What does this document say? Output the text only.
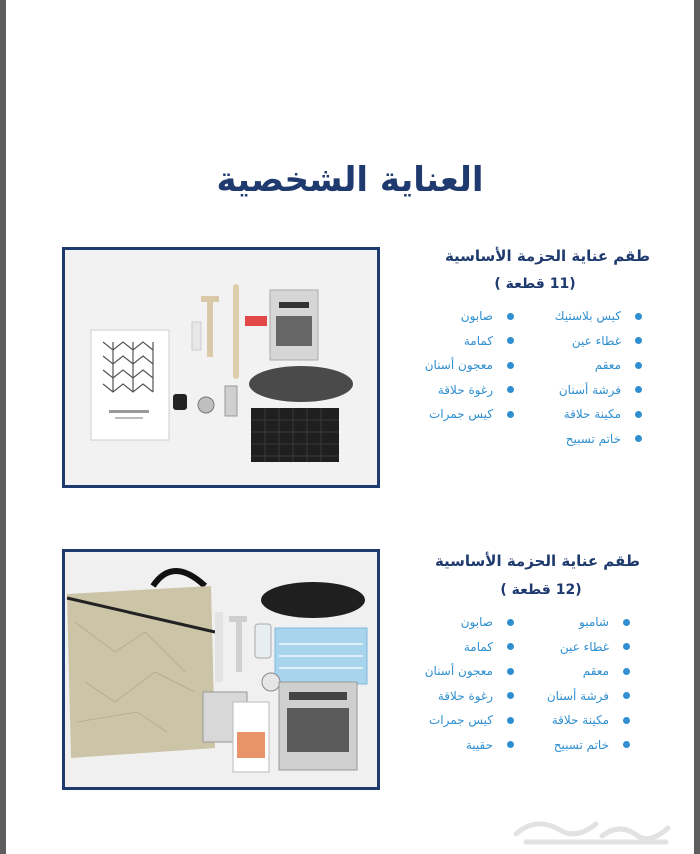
العناية الشخصية
طقم عناية الحزمة الأساسية
(11 قطعة )
كيس بلاستيك
غطاء عين
معقم
فرشة أسنان
مكينة حلاقة
خاتم تسبيح
صابون
كمامة
معجون أسنان
رغوة حلاقة
كيس جمرات
طقم عناية الحزمة الأساسية
(12 قطعة )
شامبو
غطاء عين
معقم
فرشة أسنان
مكينة حلاقة
خاتم تسبيح
صابون
كمامة
معجون أسنان
رغوة حلاقة
كيس جمرات
حقيبة
